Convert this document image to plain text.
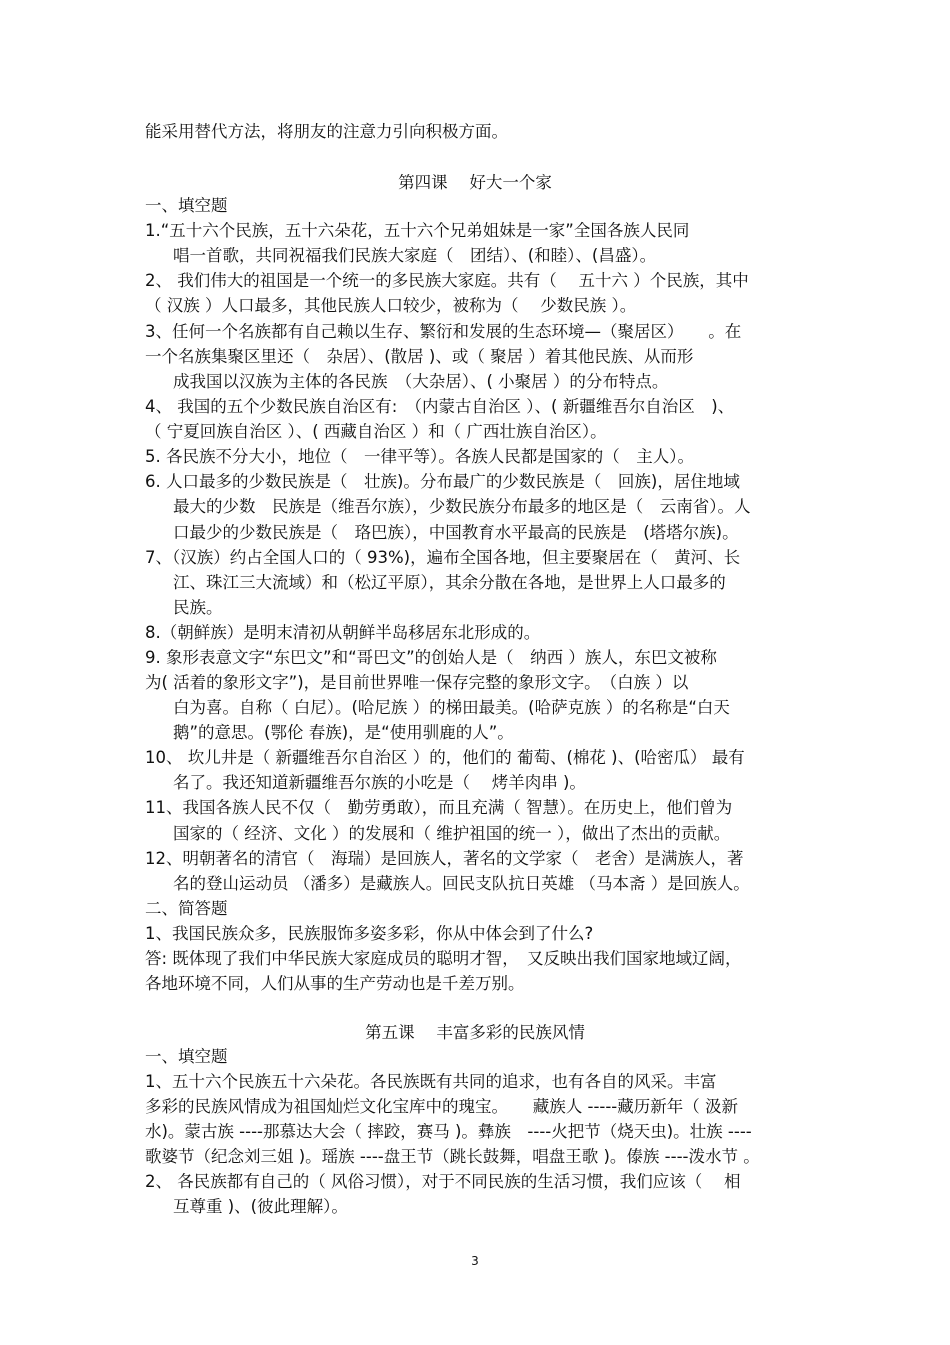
能采用替代方法，将朋友的注意力引向积极方面。
第四课　 好大一个家
一、填空题
1.“五十六个民族，五十六朵花，五十六个兄弟姐妹是一家”全国各族人民同
唱一首歌，共同祝福我们民族大家庭（　团结）、(和睦）、(昌盛）。
2、 我们伟大的祖国是一个统一的多民族大家庭。共有（　 五十六 ）个民族，其中
（ 汉族 ）人口最多，其他民族人口较少，被称为（　 少数民族 ）。
3、任何一个名族都有自己赖以生存、繁衍和发展的生态环境—（聚居区）　　。在
一个名族集聚区里还（　杂居）、(散居 )、或（ 聚居 ）着其他民族、从而形
成我国以汉族为主体的各民族　（大杂居）、( 小聚居 ）的分布特点。
4、 我国的五个少数民族自治区有:　（内蒙古自治区 ）、( 新疆维吾尔自治区　)、
（ 宁夏回族自治区 ）、( 西藏自治区 ）和（ 广西壮族自治区）。
5. 各民族不分大小，地位（　一律平等）。各族人民都是国家的（　主人）。
6. 人口最多的少数民族是（　壮族)。分布最广的少数民族是（　回族)，居住地域
最大的少数　民族是（维吾尔族），少数民族分布最多的地区是（　云南省）。人
口最少的少数民族是（　珞巴族），中国教育水平最高的民族是　(塔塔尔族)。
7、（汉族）约占全国人口的（ 93%)，遍布全国各地，但主要聚居在（　黄河、长
江、珠江三大流域）和（松辽平原），其余分散在各地，是世界上人口最多的
民族。
8.（朝鲜族）是明末清初从朝鲜半岛移居东北形成的。
9. 象形表意文字“东巴文”和“哥巴文”的创始人是（　纳西 ）族人，东巴文被称
为( 活着的象形文字”)，是目前世界唯一保存完整的象形文字。　（白族 ）以
白为喜。自称（ 白尼）。(哈尼族 ）的梯田最美。(哈萨克族 ）的名称是“白天
鹅”的意思。(鄂伦 春族)，是“使用驯鹿的人”。
10、 坎儿井是（ 新疆维吾尔自治区 ）的，他们的 葡萄、(棉花 )、(哈密瓜） 最有
名了。我还知道新疆维吾尔族的小吃是（　 烤羊肉串 )。
11、我国各族人民不仅（　勤劳勇敢），而且充满（ 智慧）。在历史上，他们曾为
国家的（ 经济、文化 ）的发展和（ 维护祖国的统一 ），做出了杰出的贡献。
12、明朝著名的清官（　海瑞）是回族人，著名的文学家（　老舍）是满族人，著
名的登山运动员 （潘多）是藏族人。回民支队抗日英雄 （马本斋 ）是回族人。
二、简答题
1、我国民族众多，民族服饰多姿多彩，你从中体会到了什么?
答: 既体现了我们中华民族大家庭成员的聪明才智，　又反映出我们国家地域辽阔，
各地环境不同，人们从事的生产劳动也是千差万别。
第五课　 丰富多彩的民族风情
一、填空题
1、五十六个民族五十六朵花。各民族既有共同的追求，也有各自的风采。丰富
多彩的民族风情成为祖国灿烂文化宝库中的瑰宝。　　藏族人 -----藏历新年（ 汲新
水)。蒙古族 ----那慕达大会（ 摔跤，赛马 )。彝族　----火把节（烧天虫)。壮族 ----
歌婆节（纪念刘三姐 )。瑶族 ----盘王节（跳长鼓舞，唱盘王歌 )。傣族 ----泼水节 。
2、 各民族都有自己的（ 风俗习惯），对于不同民族的生活习惯，我们应该（　 相
互尊重 )、(彼此理解）。
3
